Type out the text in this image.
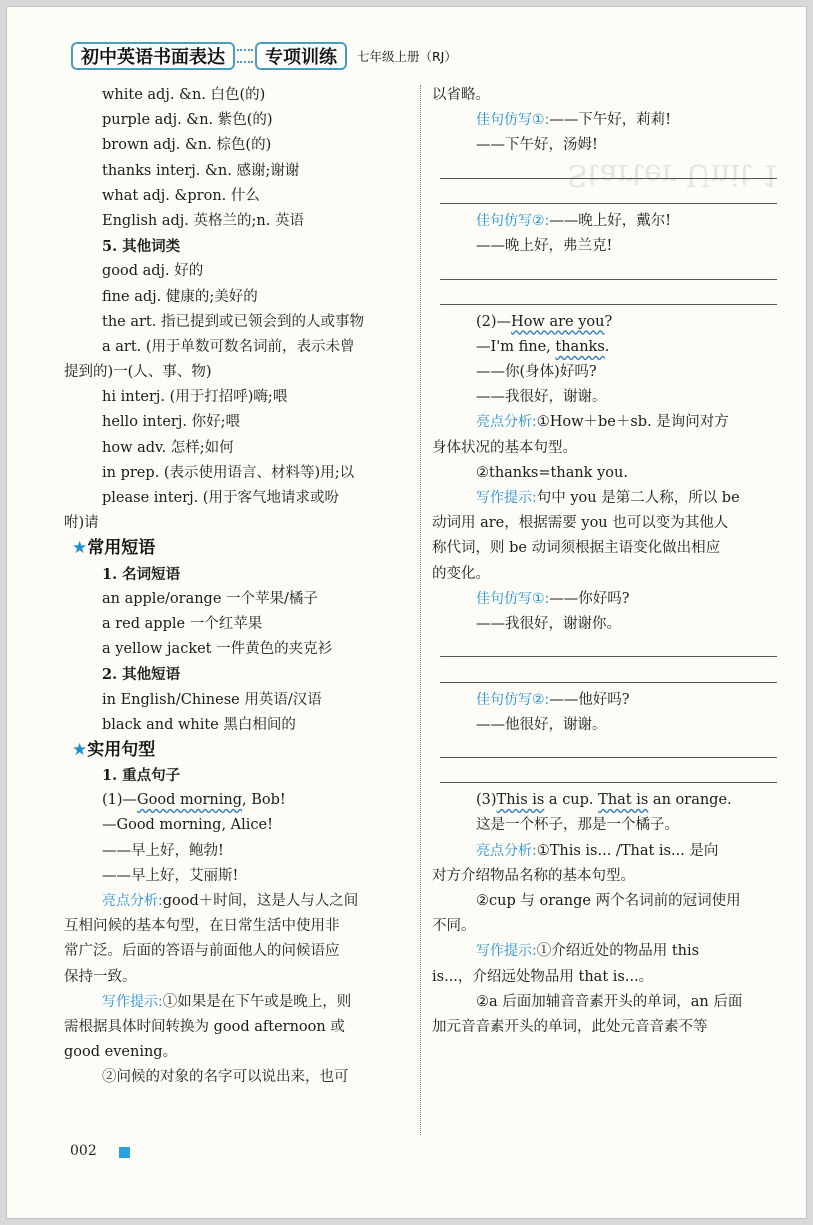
Starter Unit 1
初中英语书面表达	专项训练	七年级上册（RJ）
white adj. &n. 白色(的)
purple adj. &n. 紫色(的)
brown adj. &n. 棕色(的)
thanks interj. &n. 感谢;谢谢
what adj. &pron. 什么
English adj. 英格兰的;n. 英语
5. 其他词类
good adj. 好的
fine adj. 健康的;美好的
the art. 指已提到或已领会到的人或事物
a art. (用于单数可数名词前，表示未曾
提到的)一(人、事、物)
hi interj. (用于打招呼)嗨;喂
hello interj. 你好;喂
how adv. 怎样;如何
in prep. (表示使用语言、材料等)用;以
please interj. (用于客气地请求或吩
咐)请
★常用短语
1. 名词短语
an apple/orange 一个苹果/橘子
a red apple 一个红苹果
a yellow jacket 一件黄色的夹克衫
2. 其他短语
in English/Chinese 用英语/汉语
black and white 黑白相间的
★实用句型
1. 重点句子
(1)—Good morning, Bob!
—Good morning, Alice!
——早上好，鲍勃!
——早上好，艾丽斯!
亮点分析:good＋时间，这是人与人之间
互相问候的基本句型，在日常生活中使用非
常广泛。后面的答语与前面他人的问候语应
保持一致。
写作提示:①如果是在下午或是晚上，则
需根据具体时间转换为 good afternoon 或
good evening。
②问候的对象的名字可以说出来，也可
以省略。
佳句仿写①:——下午好，莉莉!
——下午好，汤姆!
佳句仿写②:——晚上好，戴尔!
——晚上好，弗兰克!
(2)—How are you?
—I'm fine, thanks.
——你(身体)好吗?
——我很好，谢谢。
亮点分析:①How＋be＋sb. 是询问对方
身体状况的基本句型。
②thanks=thank you.
写作提示:句中 you 是第二人称，所以 be
动词用 are，根据需要 you 也可以变为其他人
称代词，则 be 动词须根据主语变化做出相应
的变化。
佳句仿写①:——你好吗?
——我很好，谢谢你。
佳句仿写②:——他好吗?
——他很好，谢谢。
(3)This is a cup. That is an orange.
这是一个杯子，那是一个橘子。
亮点分析:①This is... /That is... 是向
对方介绍物品名称的基本句型。
②cup 与 orange 两个名词前的冠词使用
不同。
写作提示:①介绍近处的物品用 this
is...，介绍远处物品用 that is...。
②a 后面加辅音音素开头的单词，an 后面
加元音音素开头的单词，此处元音音素不等
002
